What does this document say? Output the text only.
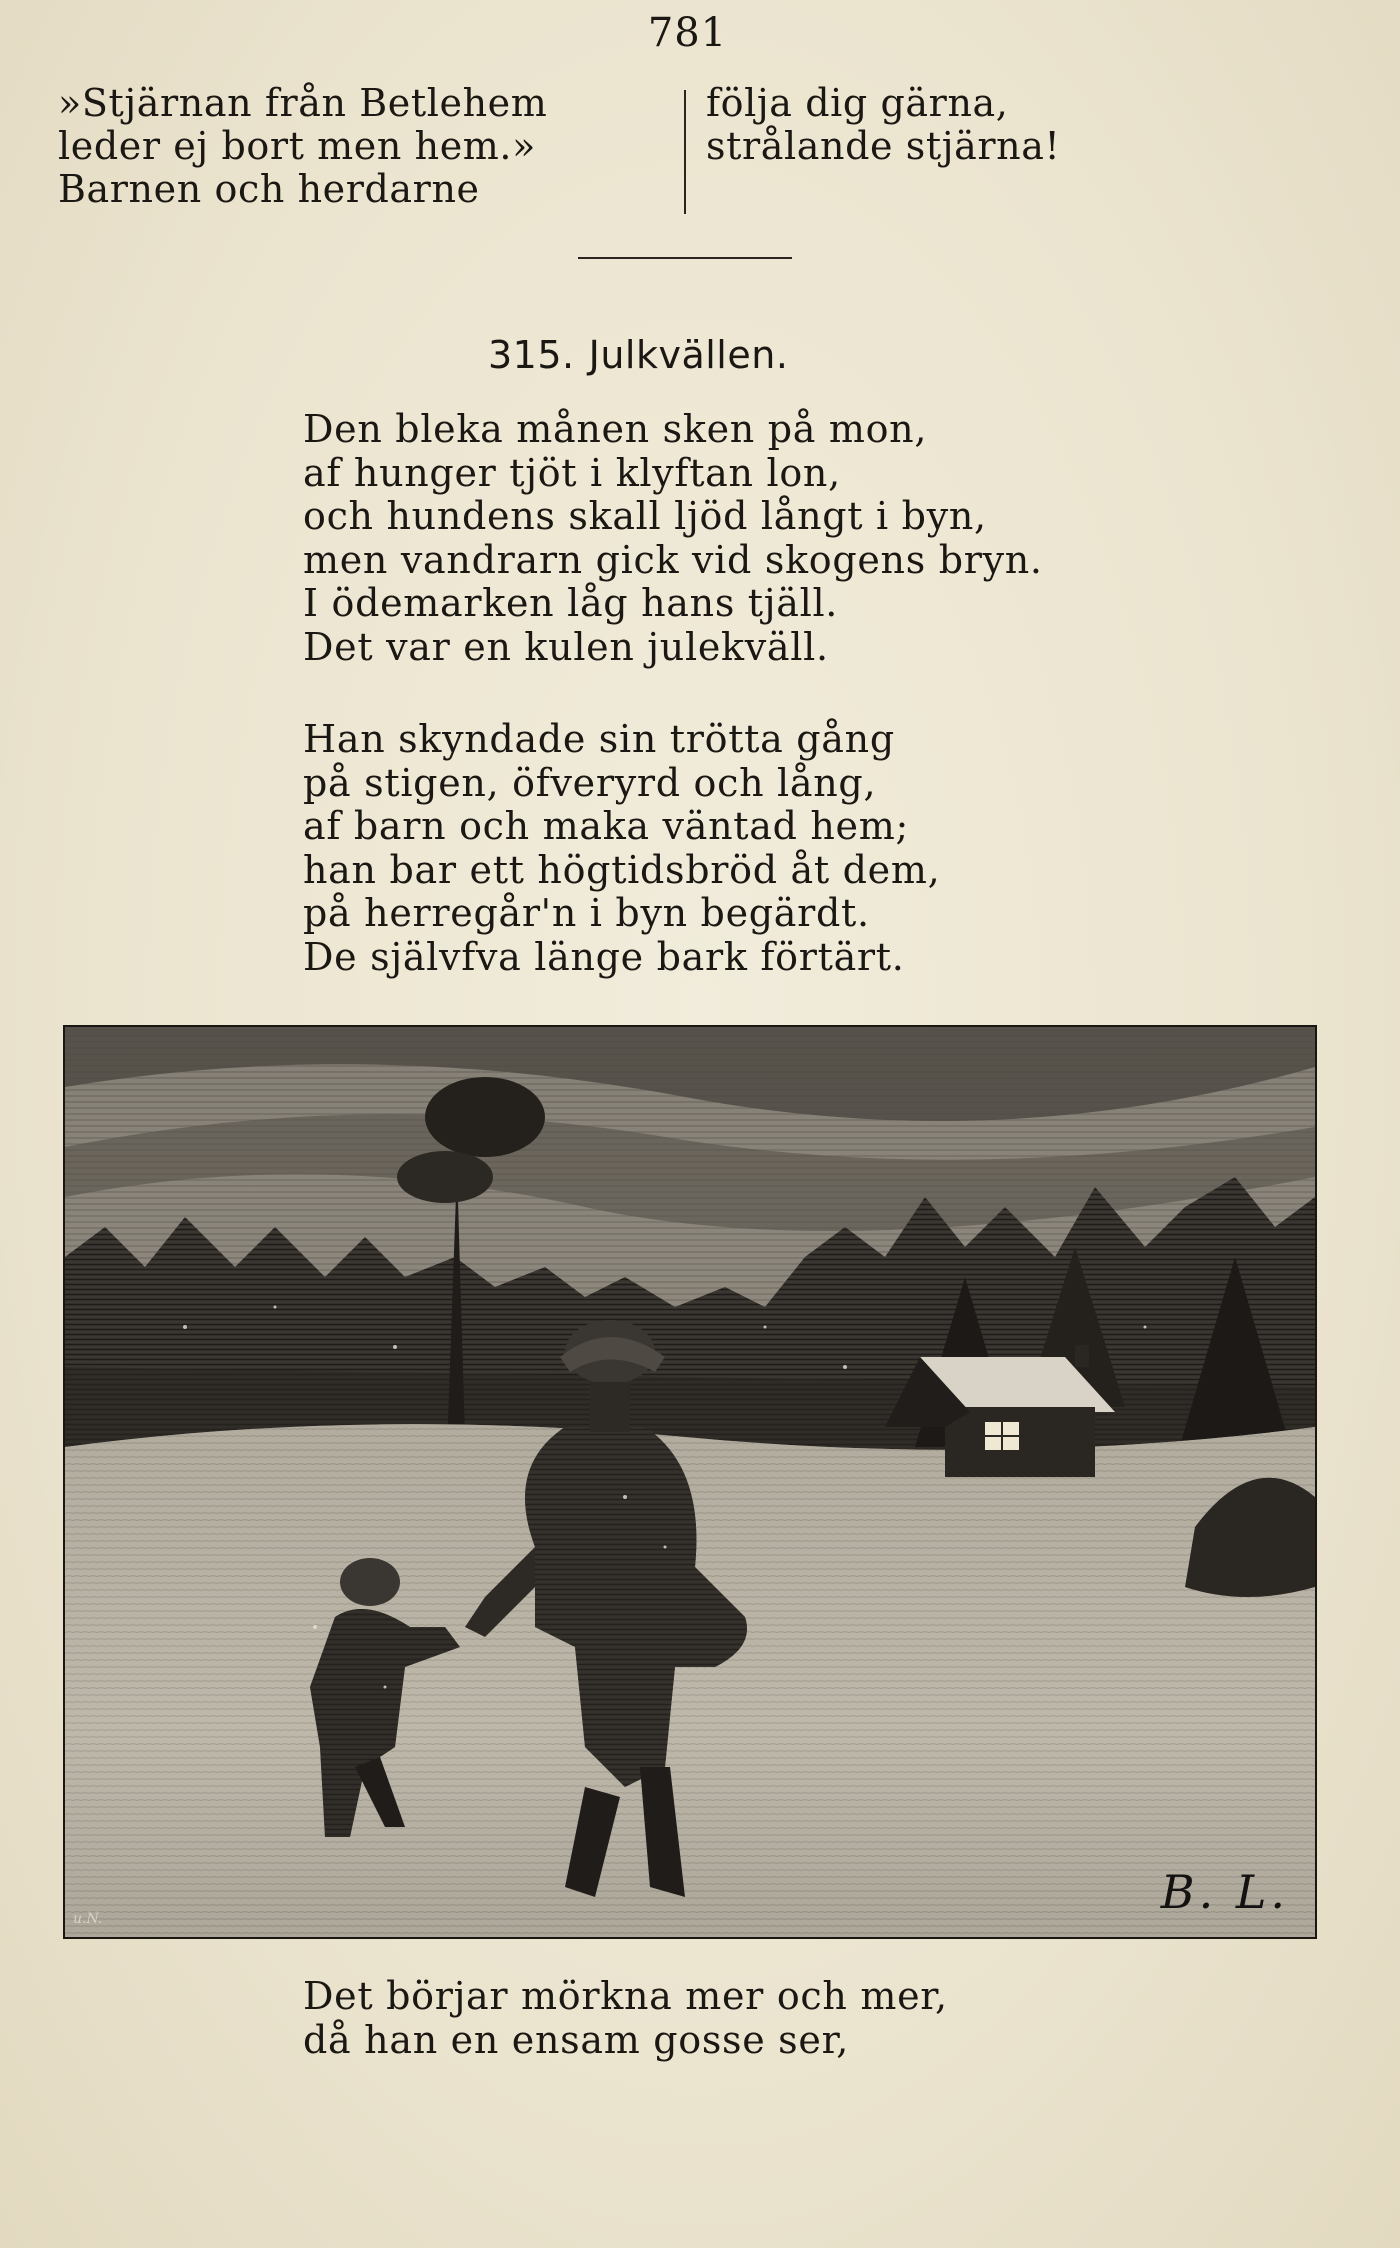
781
»Stjärnan från Betlehem
leder ej bort men hem.»
Barnen och herdarne
följa dig gärna,
strålande stjärna!
315. Julkvällen.
Den bleka månen sken på mon,
af hunger tjöt i klyftan lon,
och hundens skall ljöd långt i byn,
men vandrarn gick vid skogens bryn.
I ödemarken låg hans tjäll.
Det var en kulen julekväll.
Han skyndade sin trötta gång
på stigen, öfveryrd och lång,
af barn och maka väntad hem;
han bar ett högtidsbröd åt dem,
på herregår'n i byn begärdt.
De självfva länge bark förtärt.
B. L.
u.N.
Det börjar mörkna mer och mer,
då han en ensam gosse ser,
